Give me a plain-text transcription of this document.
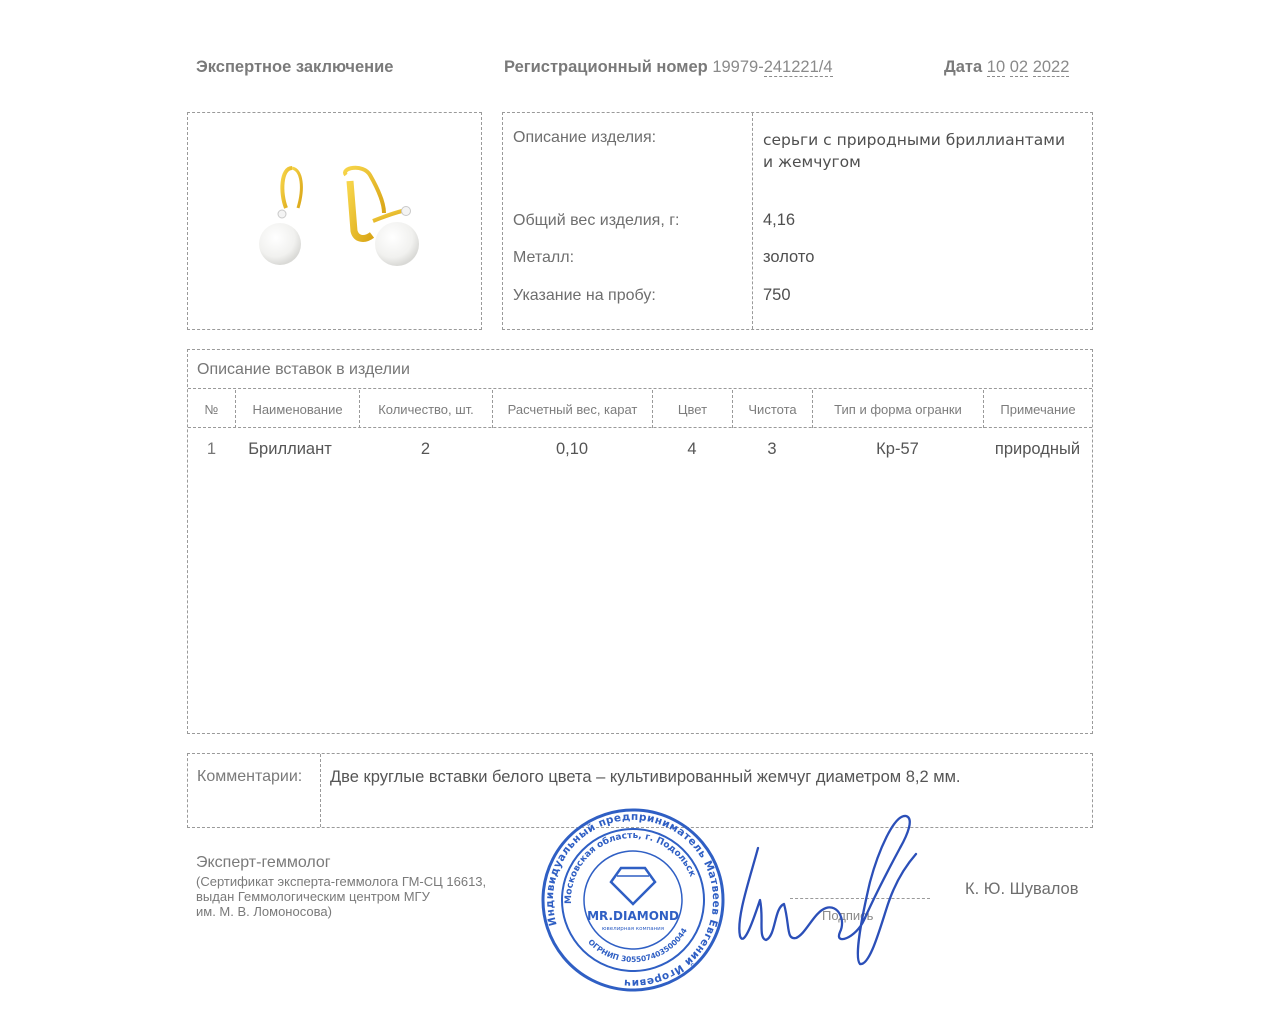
Экспертное заключение	Регистрационный номер 19979-241221/4	Дата 10 02 2022
Описание изделия:	серьги с природными бриллиантами
и жемчугом
Общий вес изделия, г:	4,16
Металл:	золото
Указание на пробу:	750
Описание вставок в изделии
№	Наименование	Количество, шт.	Расчетный вес, карат	Цвет	Чистота	Тип и форма огранки	Примечание
1	Бриллиант	2	0,10	4	3	Кр-57	природный
Комментарии: Две круглые вставки белого цвета – культивированный жемчуг диаметром 8,2 мм.
Эксперт-геммолог
(Сертификат эксперта-геммолога ГМ-СЦ 16613,
выдан Геммологическим центром МГУ
им. М. В. Ломоносова)	Подпись
К. Ю. Шувалов
Индивидуальный предприниматель Матвеев Евгений Игоревич
Московская область, г. Подольск
ОГРНИП 305507403500044
MR.DIAMOND
ювелирная компания
